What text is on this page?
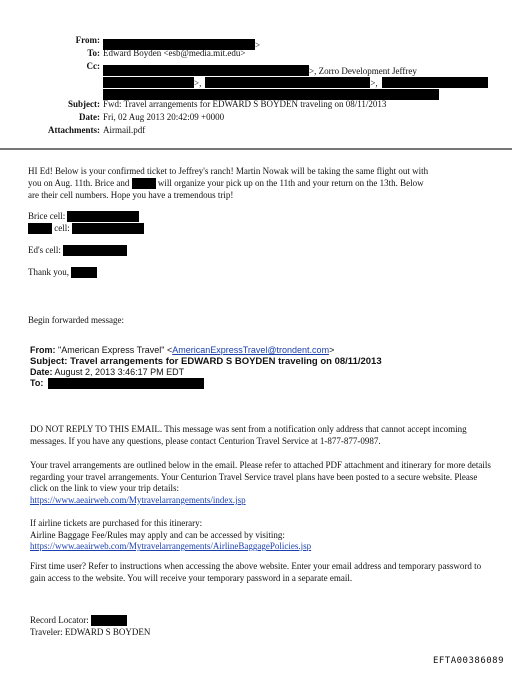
From:	>
To: Edward Boyden <esb@media.mit.edu>
Cc:	>, Zorro Development Jeffrey
>,	>,
Subject: Fwd: Travel arrangements for EDWARD S BOYDEN traveling on 08/11/2013
Date: Fri, 02 Aug 2013 20:42:09 +0000
Attachments: Airmail.pdf
HI Ed! Below is your confirmed ticket to Jeffrey's ranch! Martin Nowak will be taking the same flight out with
you on Aug. 11th. Brice and	will organize your pick up on the 11th and your return on the 13th. Below
are their cell numbers. Hope you have a tremendous trip!
Brice cell:
cell:
Ed's cell:
Thank you,
Begin forwarded message:
From: "American Express Travel" <AmericanExpressTravel@trondent.com>
Subject: Travel arrangements for EDWARD S BOYDEN traveling on 08/11/2013
Date: August 2, 2013 3:46:17 PM EDT
To:
DO NOT REPLY TO THIS EMAIL. This message was sent from a notification only address that cannot accept incoming messages. If you have any questions, please contact Centurion Travel Service at 1-877-877-0987.
Your travel arrangements are outlined below in the email. Please refer to attached PDF attachment and itinerary for more details regarding your travel arrangements. Your Centurion Travel Service travel plans have been posted to a secure website. Please click on the link to view your trip details:
https://www.aeairweb.com/Mytravelarrangements/index.jsp
If airline tickets are purchased for this itinerary:
Airline Baggage Fee/Rules may apply and can be accessed by visiting:
https://www.aeairweb.com/Mytravelarrangements/AirlineBaggagePolicies.jsp
First time user? Refer to instructions when accessing the above website. Enter your email address and temporary password to gain access to the website. You will receive your temporary password in a separate email.
Record Locator:
Traveler: EDWARD S BOYDEN
EFTA00386089
